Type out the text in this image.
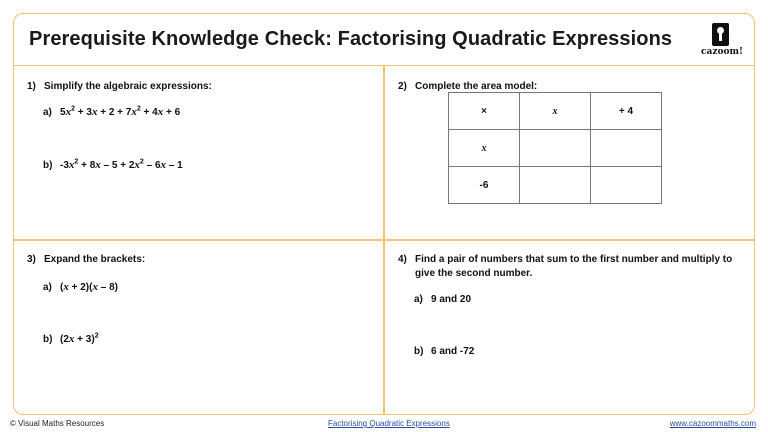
Prerequisite Knowledge Check: Factorising Quadratic Expressions
cazoom!
1) Simplify the algebraic expressions:
a) $5x^2 + 3x + 2 + 7x^2 + 4x + 6$
b) $-3x^2 + 8x - 5 + 2x^2 - 6x - 1$
2) Complete the area model:
×	x	+ 4
x		
-6		
3) Expand the brackets:
a) (x + 2)(x – 8)
b) $(2x + 3)^2$
4) Find a pair of numbers that sum to the first number and multiply to
give the second number.
a) 9 and 20
b) 6 and -72
© Visual Maths Resources	Factorising Quadratic Expressions	www.cazoommaths.com
